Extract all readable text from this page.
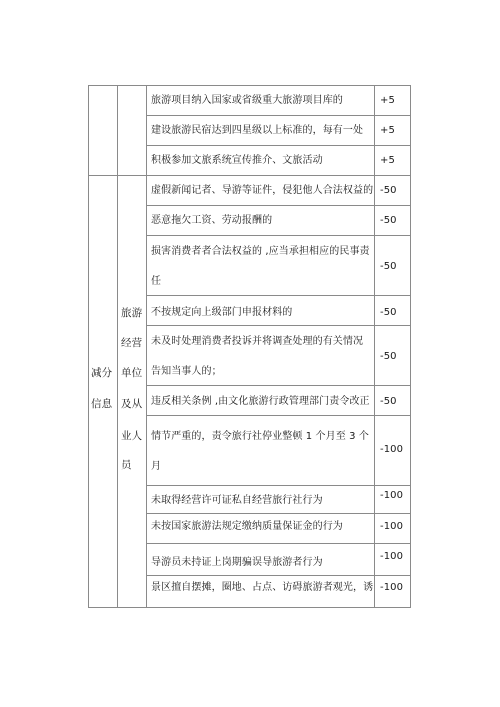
减分
信息
旅游
经营
单位
及从
业人
员
旅游项目纳入国家或省级重大旅游项目库的
建设旅游民宿达到四星级以上标准的，每有一处
积极参加文旅系统宣传推介、文旅活动
虚假新闻记者、导游等证件，侵犯他人合法权益的
恶意拖欠工资、劳动报酬的
损害消费者者合法权益的 ,应当承担相应的民事责
任
不按规定向上级部门申报材料的
未及时处理消费者投诉并将调查处理的有关情况
告知当事人的；
违反相关条例 ,由文化旅游行政管理部门责令改正
情节严重的，责令旅行社停业整顿 1 个月至 3 个
月
未取得经营许可证私自经营旅行社行为
未按国家旅游法规定缴纳质量保证金的行为
导游员未持证上岗期骗误导旅游者行为
景区擅自摆摊，圈地、占点、访碍旅游者观光，诱
+5
+5
+5
-50
-50
-50
-50
-50
-50
-100
-100
-100
-100
-100
